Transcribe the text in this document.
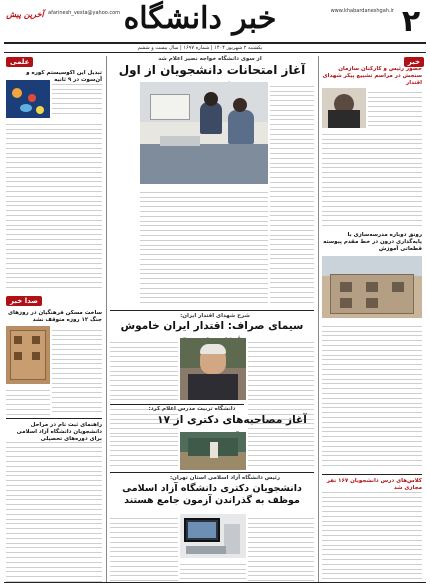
۲
www.khabardaneshgah.ir
خبر دانشگاه
آخرین پیش afarinesh_vesta@yahoo.com
یکشنبه ۲ شهریور ۱۴۰۴ | شماره ۱۶۹۷ | سال بیست و ششم
خبر
علمی
صدا خبر
از سوی دانشگاه خواجه نصیر اعلام شد
آغاز امتحانات دانشجویان از اول	حضور رئیس و کارکنان سازمان سنجش در مراسم تشییع پیکر شهدای اقتدار
رونق دوباره مدرسه‌سازی با پایه‌گذاری درون در خط مقدم پیوسته قطعاتی آموزش
کلاس‌های درس دانشجویان ۱۶۷ نفر مجازی شد
تبدیل این اکوسیستم کوره و آن‌سوت در ۹ ثانیه
ساخت مسکن فرهنگیان در روزهای جنگ ۱۲ روزه متوقف نشد
راهنمای ثبت نام در مراحل دانشجویان دانشگاه آزاد اسلامی برای دوره‌های تحصیلی
شرح شهدای اقتدار ایران:
سیمای صراف: اقتدار ایران خاموش
دانشگاه تربیت مدرس اعلام کرد:
آغاز مصاحبه‌های دکتری از ۱۷
رئیس دانشگاه آزاد اسلامی استان تهران:
دانشجویان دکتری دانشگاه آزاد اسلامی موظف به گذراندن آزمون جامع هستند
